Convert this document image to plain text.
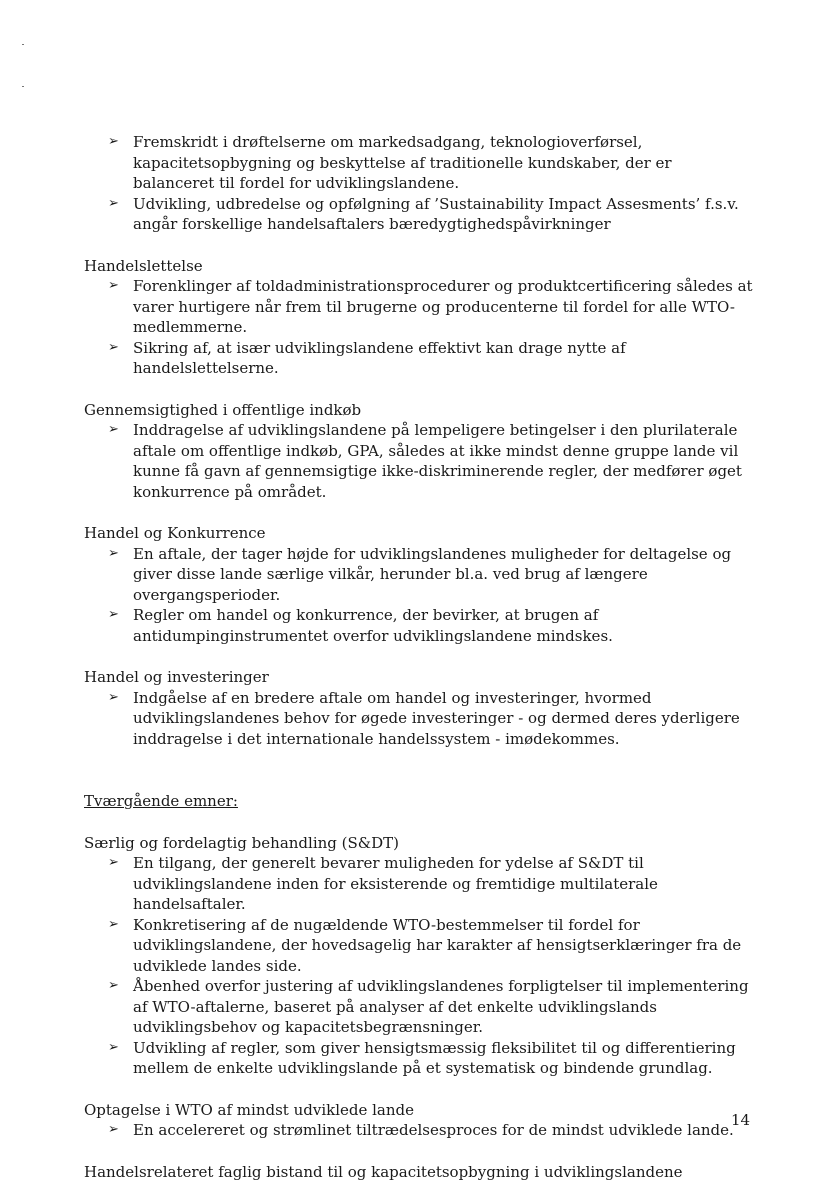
➢ Fremskridt i drøftelserne om markedsadgang, teknologioverførsel, kapacitetsopbygning og beskyttelse af traditionelle kundskaber, der er balanceret til fordel for udviklingslandene.
➢ Udvikling, udbredelse og opfølgning af ’Sustainability Impact Assesments’ f.s.v. angår forskellige handelsaftalers bæredygtighedspåvirkninger

Handelslettelse

➢ Forenklinger af toldadministrationsprocedurer og produktcertificering således at varer hurtigere når frem til brugerne og producenterne til fordel for alle WTO-medlemmerne.
➢ Sikring af, at især udviklingslandene effektivt kan drage nytte af handelslettelserne.

Gennemsigtighed i offentlige indkøb

➢ Inddragelse af udviklingslandene på lempeligere betingelser i den plurilaterale aftale om offentlige indkøb, GPA, således at ikke mindst denne gruppe lande vil kunne få gavn af gennemsigtige ikke-diskriminerende regler, der medfører øget konkurrence på området.

Handel og Konkurrence

➢ En aftale, der tager højde for udviklingslandenes muligheder for deltagelse og giver disse lande særlige vilkår, herunder bl.a. ved brug af længere overgangsperioder.
➢ Regler om handel og konkurrence, der bevirker, at brugen af antidumpinginstrumentet overfor udviklingslandene mindskes.

Handel og investeringer

➢ Indgåelse af en bredere aftale om handel og investeringer, hvormed udviklingslandenes behov for øgede investeringer - og dermed deres yderligere inddragelse i det internationale handelssystem - imødekommes.

Tværgående emner:

Særlig og fordelagtig behandling (S&DT)

➢ En tilgang, der generelt bevarer muligheden for ydelse af S&DT til udviklingslandene inden for eksisterende og fremtidige multilaterale handelsaftaler.
➢ Konkretisering af de nugældende WTO-bestemmelser til fordel for udviklingslandene, der hovedsagelig har karakter af hensigtserklæringer fra de udviklede landes side.
➢ Åbenhed overfor justering af udviklingslandenes forpligtelser til implementering af WTO-aftalerne, baseret på analyser af det enkelte udviklingslands udviklingsbehov og kapacitetsbegrænsninger.
➢ Udvikling af regler, som giver hensigtsmæssig fleksibilitet til og differentiering mellem de enkelte udviklingslande på et systematisk og bindende grundlag.

Optagelse i WTO af mindst udviklede lande

➢ En accelereret og strømlinet tiltrædelsesproces for de mindst udviklede lande.

Handelsrelateret faglig bistand til og kapacitetsopbygning i udviklingslandene

14
